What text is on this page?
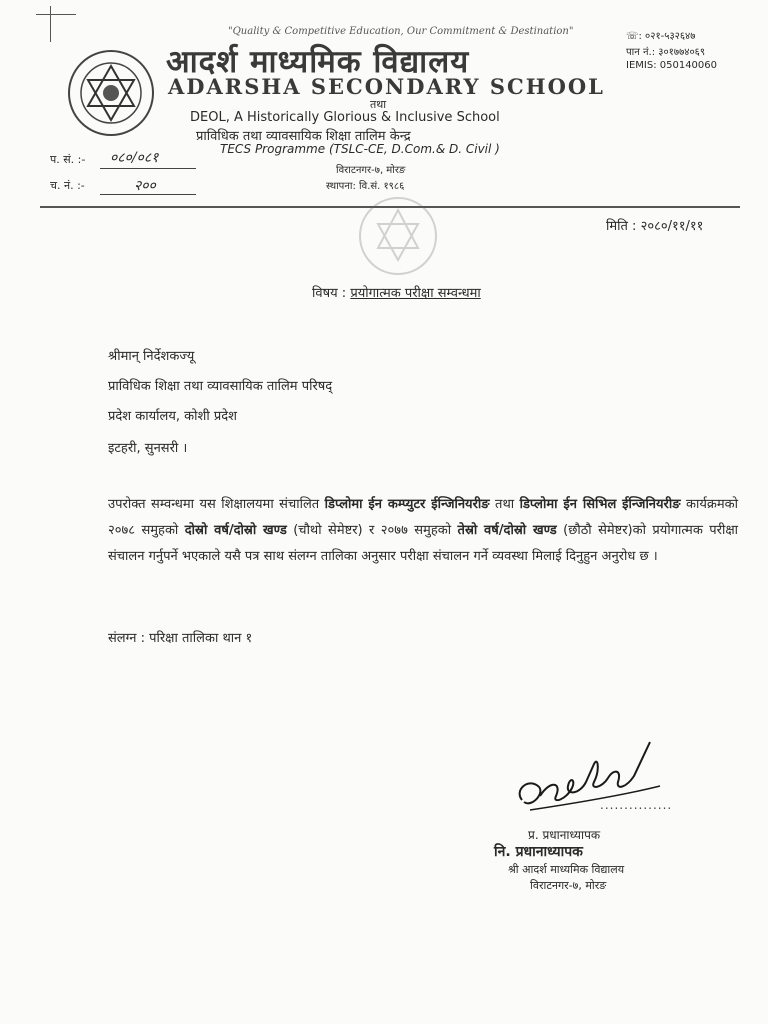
"Quality & Competitive Education, Our Commitment & Destination"
आदर्श माध्यमिक विद्यालय
ADARSHA SECONDARY SCHOOL
तथा
DEOL, A Historically Glorious & Inclusive School
प्राविधिक तथा व्यावसायिक शिक्षा तालिम केन्द्र
TECS Programme (TSLC-CE, D.Com.& D. Civil )
विराटनगर-७, मोरङ
स्थापना: वि.सं. १९८६
☏: ०२१-५३२६४७
पान नं.: ३०१७७४०६९
IEMIS: 050140060
प. सं. :- ०८०/०८१
च. नं. :-	२००
मिति : २०८०/११/११
विषय : प्रयोगात्मक परीक्षा सम्वन्धमा
श्रीमान् निर्देशकज्यू
प्राविधिक शिक्षा तथा व्यावसायिक तालिम परिषद्
प्रदेश कार्यालय, कोशी प्रदेश
इटहरी, सुनसरी ।
उपरोक्त सम्वन्धमा यस शिक्षालयमा संचालित डिप्लोमा ईन कम्प्युटर ईन्जिनियरीङ तथा डिप्लोमा ईन सिभिल ईन्जिनियरीङ कार्यक्रमको २०७८ समुहको दोस्रो वर्ष/दोस्रो खण्ड (चौथो सेमेष्टर) र २०७७ समुहको तेस्रो वर्ष/दोस्रो खण्ड (छौठौ सेमेष्टर)को प्रयोगात्मक परीक्षा संचालन गर्नुपर्ने भएकाले यसै पत्र साथ संलग्न तालिका अनुसार परीक्षा संचालन गर्ने व्यवस्था मिलाई दिनुहुन अनुरोध छ ।
संलग्न : परिक्षा तालिका थान १
...............
प्र. प्रधानाध्यापक
नि. प्रधानाध्यापक
श्री आदर्श माध्यमिक विद्यालय
विराटनगर-७, मोरङ
